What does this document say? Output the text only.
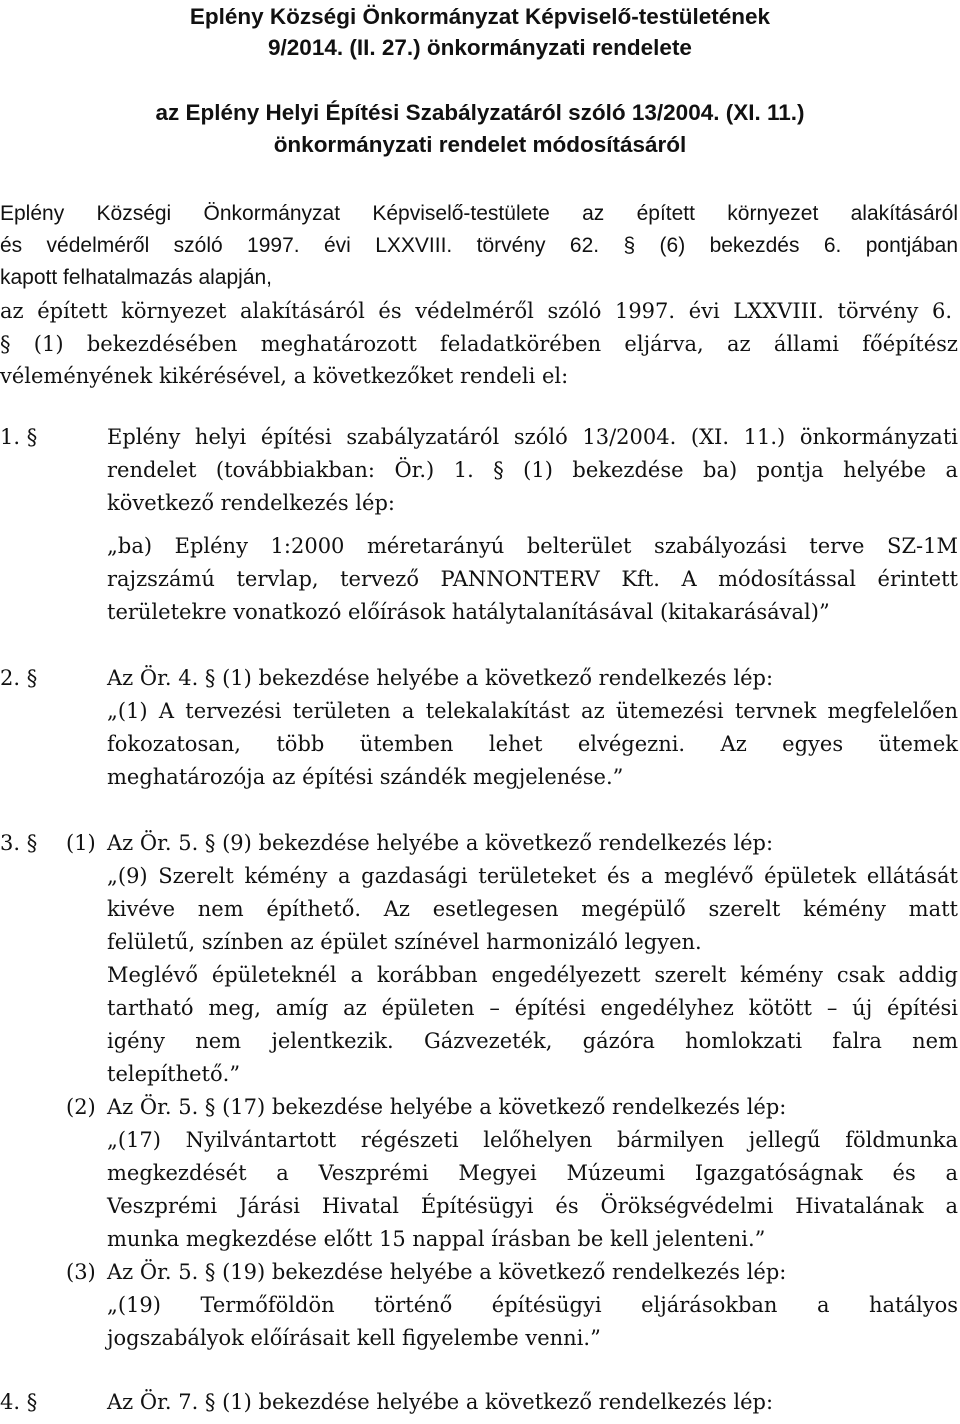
Eplény Községi Önkormányzat Képviselő-testületének

9/2014. (II. 27.) önkormányzati rendelete

az Eplény Helyi Építési Szabályzatáról szóló 13/2004. (XI. 11.)

önkormányzati rendelet módosításáról

Eplény Községi Önkormányzat Képviselő-testülete az épített környezet alakításáról

és védelméről szóló 1997. évi LXXVIII. törvény 62. § (6) bekezdés 6. pontjában

kapott felhatalmazás alapján,

az épített környezet alakításáról és védelméről szóló 1997. évi LXXVIII. törvény 6.

§ (1) bekezdésében meghatározott feladatkörében eljárva, az állami főépítész

véleményének kikérésével, a következőket rendeli el:

1. §	Eplény helyi építési szabályzatáról szóló 13/2004. (XI. 11.) önkormányzati

rendelet (továbbiakban: Ör.) 1. § (1) bekezdése ba) pontja helyébe a

következő rendelkezés lép:

„ba) Eplény 1:2000 méretarányú belterület szabályozási terve SZ-1M

rajzszámú tervlap, tervező PANNONTERV Kft. A módosítással érintett

területekre vonatkozó előírások hatálytalanításával (kitakarásával)”

2. §	Az Ör. 4. § (1) bekezdése helyébe a következő rendelkezés lép:

„(1) A tervezési területen a telekalakítást az ütemezési tervnek megfelelően

fokozatosan, több ütemben lehet elvégezni. Az egyes ütemek

meghatározója az építési szándék megjelenése.”

3. § (1) Az Ör. 5. § (9) bekezdése helyébe a következő rendelkezés lép:

„(9) Szerelt kémény a gazdasági területeket és a meglévő épületek ellátását

kivéve nem építhető. Az esetlegesen megépülő szerelt kémény matt

felületű, színben az épület színével harmonizáló legyen.

Meglévő épületeknél a korábban engedélyezett szerelt kémény csak addig

tartható meg, amíg az épületen – építési engedélyhez kötött – új építési

igény nem jelentkezik. Gázvezeték, gázóra homlokzati falra nem

telepíthető.”

(2) Az Ör. 5. § (17) bekezdése helyébe a következő rendelkezés lép:

„(17) Nyilvántartott régészeti lelőhelyen bármilyen jellegű földmunka

megkezdését a Veszprémi Megyei Múzeumi Igazgatóságnak és a

Veszprémi Járási Hivatal Építésügyi és Örökségvédelmi Hivatalának a

munka megkezdése előtt 15 nappal írásban be kell jelenteni.”

(3) Az Ör. 5. § (19) bekezdése helyébe a következő rendelkezés lép:

„(19) Termőföldön történő építésügyi eljárásokban a hatályos

jogszabályok előírásait kell figyelembe venni.”

4. §	Az Ör. 7. § (1) bekezdése helyébe a következő rendelkezés lép:
